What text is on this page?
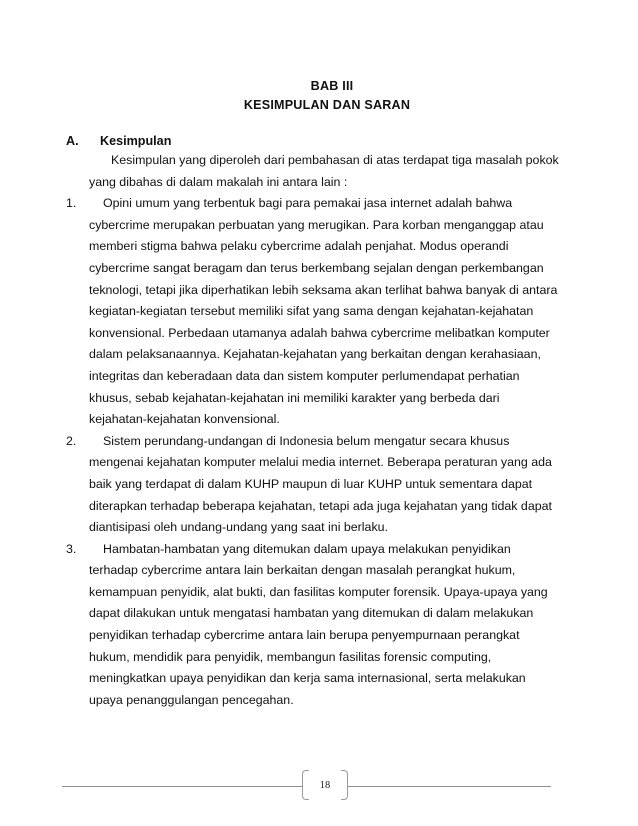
BAB III
KESIMPULAN DAN SARAN
A. Kesimpulan

Kesimpulan yang diperoleh dari pembahasan di atas terdapat tiga masalah pokok
yang dibahas di dalam makalah ini antara lain :

1. Opini umum yang terbentuk bagi para pemakai jasa internet adalah bahwa
cybercrime merupakan perbuatan yang merugikan. Para korban menganggap atau
memberi stigma bahwa pelaku cybercrime adalah penjahat. Modus operandi
cybercrime sangat beragam dan terus berkembang sejalan dengan perkembangan
teknologi, tetapi jika diperhatikan lebih seksama akan terlihat bahwa banyak di antara
kegiatan-kegiatan tersebut memiliki sifat yang sama dengan kejahatan-kejahatan
konvensional. Perbedaan utamanya adalah bahwa cybercrime melibatkan komputer
dalam pelaksanaannya. Kejahatan-kejahatan yang berkaitan dengan kerahasiaan,
integritas dan keberadaan data dan sistem komputer perlumendapat perhatian
khusus, sebab kejahatan-kejahatan ini memiliki karakter yang berbeda dari
kejahatan-kejahatan konvensional.
2. Sistem perundang-undangan di Indonesia belum mengatur secara khusus
mengenai kejahatan komputer melalui media internet. Beberapa peraturan yang ada
baik yang terdapat di dalam KUHP maupun di luar KUHP untuk sementara dapat
diterapkan terhadap beberapa kejahatan, tetapi ada juga kejahatan yang tidak dapat
diantisipasi oleh undang-undang yang saat ini berlaku.
3. Hambatan-hambatan yang ditemukan dalam upaya melakukan penyidikan
terhadap cybercrime antara lain berkaitan dengan masalah perangkat hukum,
kemampuan penyidik, alat bukti, dan fasilitas komputer forensik. Upaya-upaya yang
dapat dilakukan untuk mengatasi hambatan yang ditemukan di dalam melakukan
penyidikan terhadap cybercrime antara lain berupa penyempurnaan perangkat
hukum, mendidik para penyidik, membangun fasilitas forensic computing,
meningkatkan upaya penyidikan dan kerja sama internasional, serta melakukan
upaya penanggulangan pencegahan.
18
